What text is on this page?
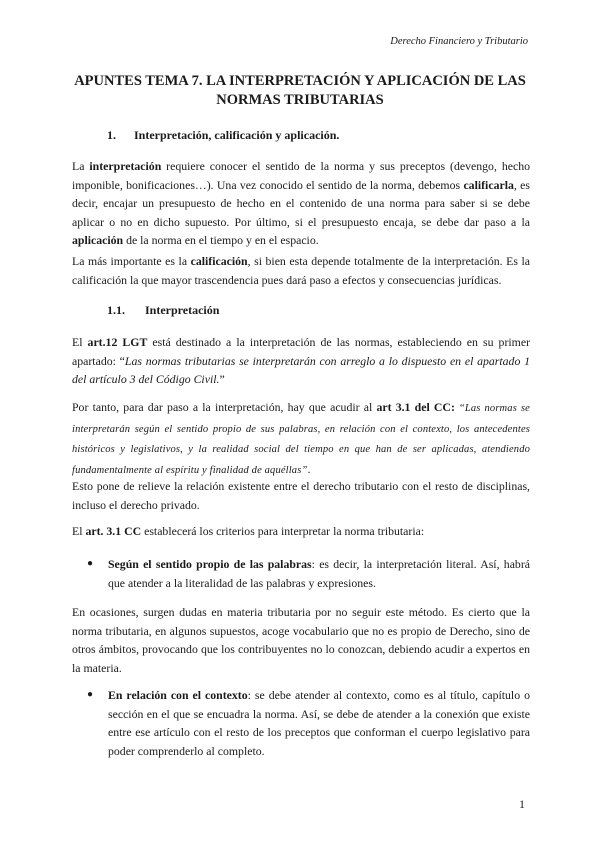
Derecho Financiero y Tributario
APUNTES TEMA 7. LA INTERPRETACIÓN Y APLICACIÓN DE LAS NORMAS TRIBUTARIAS
1. Interpretación, calificación y aplicación.

La interpretación requiere conocer el sentido de la norma y sus preceptos (devengo, hecho imponible, bonificaciones…). Una vez conocido el sentido de la norma, debemos calificarla, es decir, encajar un presupuesto de hecho en el contenido de una norma para saber si se debe aplicar o no en dicho supuesto. Por último, si el presupuesto encaja, se debe dar paso a la aplicación de la norma en el tiempo y en el espacio.

La más importante es la calificación, si bien esta depende totalmente de la interpretación. Es la calificación la que mayor trascendencia pues dará paso a efectos y consecuencias jurídicas.

1.1. Interpretación

El art.12 LGT está destinado a la interpretación de las normas, estableciendo en su primer apartado: “Las normas tributarias se interpretarán con arreglo a lo dispuesto en el apartado 1 del artículo 3 del Código Civil.”

Por tanto, para dar paso a la interpretación, hay que acudir al art 3.1 del CC: “Las normas se interpretarán según el sentido propio de sus palabras, en relación con el contexto, los antecedentes históricos y legislativos, y la realidad social del tiempo en que han de ser aplicadas, atendiendo fundamentalmente al espíritu y finalidad de aquéllas”.

Esto pone de relieve la relación existente entre el derecho tributario con el resto de disciplinas, incluso el derecho privado.

El art. 3.1 CC establecerá los criterios para interpretar la norma tributaria:

●	Según el sentido propio de las palabras: es decir, la interpretación literal. Así, habrá que atender a la literalidad de las palabras y expresiones.

En ocasiones, surgen dudas en materia tributaria por no seguir este método. Es cierto que la norma tributaria, en algunos supuestos, acoge vocabulario que no es propio de Derecho, sino de otros ámbitos, provocando que los contribuyentes no lo conozcan, debiendo acudir a expertos en la materia.

●	En relación con el contexto: se debe atender al contexto, como es al título, capítulo o sección en el que se encuadra la norma. Así, se debe de atender a la conexión que existe entre ese artículo con el resto de los preceptos que conforman el cuerpo legislativo para poder comprenderlo al completo.
1
